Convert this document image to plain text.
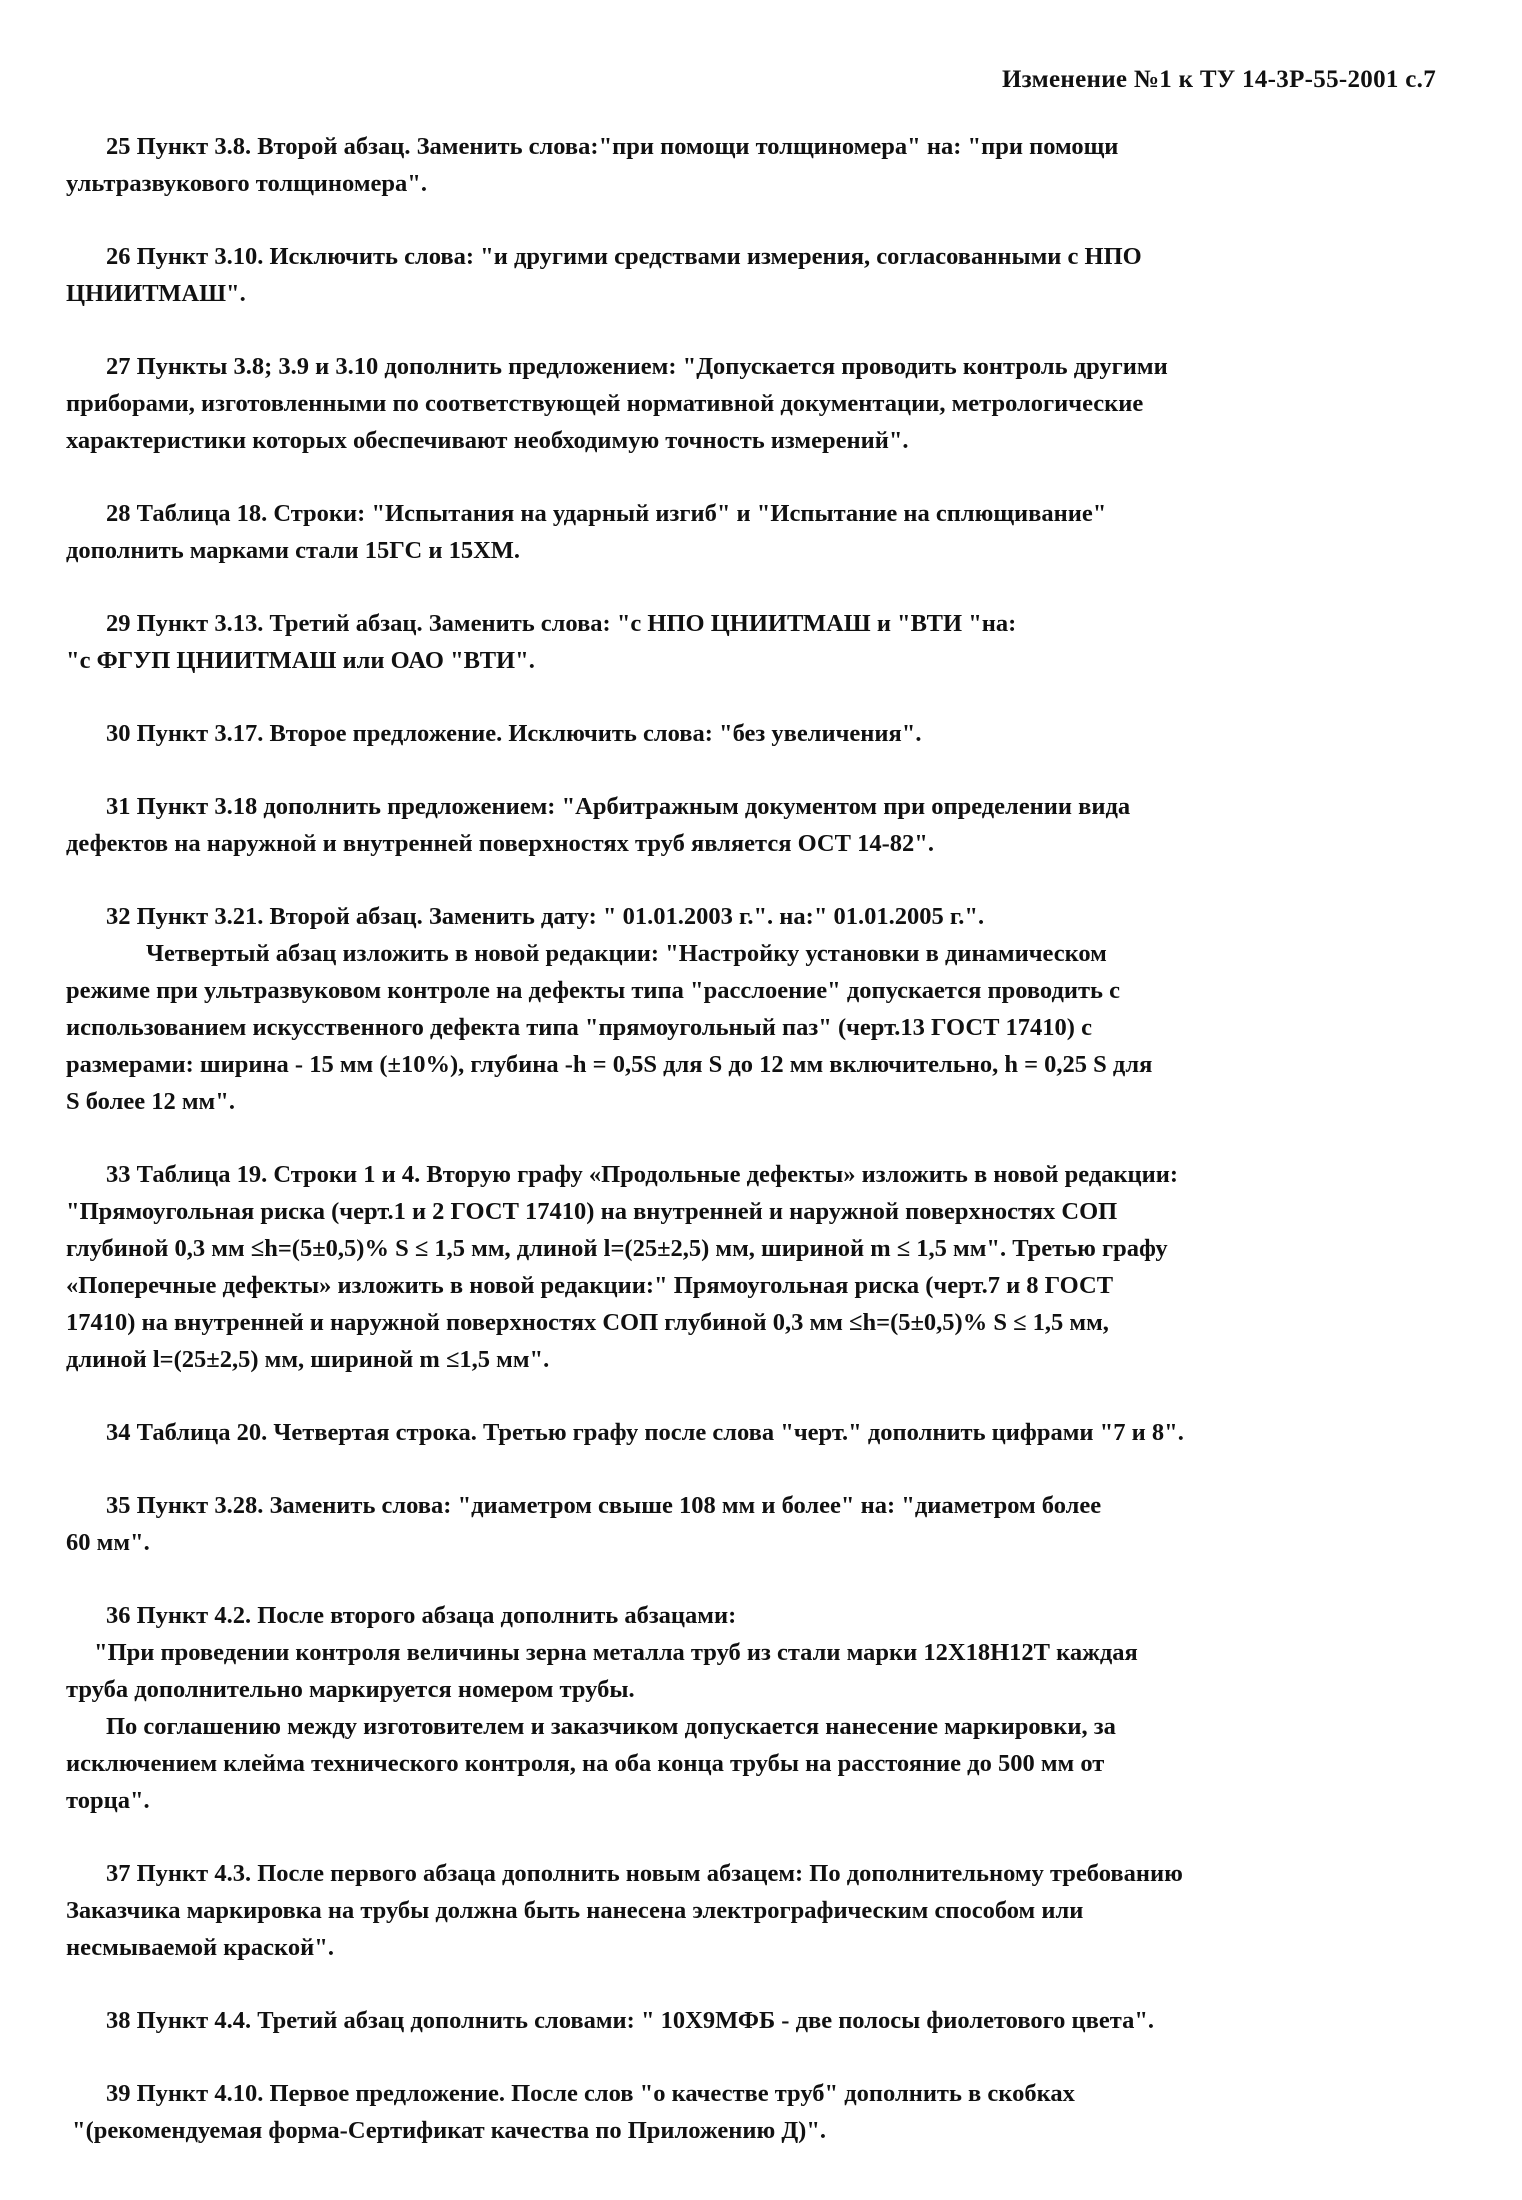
Изменение №1 к ТУ 14-3Р-55-2001 с.7
25 Пункт 3.8. Второй абзац. Заменить слова:"при помощи толщиномера" на: "при помощи
ультразвукового толщиномера".
26 Пункт 3.10. Исключить слова: "и другими средствами измерения, согласованными с НПО
ЦНИИТМАШ".
27 Пункты 3.8; 3.9 и 3.10 дополнить предложением: "Допускается проводить контроль другими
приборами, изготовленными по соответствующей нормативной документации, метрологические
характеристики которых обеспечивают необходимую точность измерений".
28 Таблица 18. Строки: "Испытания на ударный изгиб" и "Испытание на сплющивание"
дополнить марками стали 15ГС и 15ХМ.
29 Пункт 3.13. Третий абзац. Заменить слова: "с НПО ЦНИИТМАШ и "ВТИ "на:
"с ФГУП ЦНИИТМАШ или ОАО "ВТИ".
30 Пункт 3.17. Второе предложение. Исключить слова: "без увеличения".
31 Пункт 3.18 дополнить предложением: "Арбитражным документом при определении вида
дефектов на наружной и внутренней поверхностях труб является ОСТ 14-82".
32 Пункт 3.21. Второй абзац. Заменить дату: " 01.01.2003 г.". на:" 01.01.2005 г.".
Четвертый абзац изложить в новой редакции: "Настройку установки в динамическом
режиме при ультразвуковом контроле на дефекты типа "расслоение" допускается проводить с
использованием искусственного дефекта типа "прямоугольный паз" (черт.13 ГОСТ 17410) с
размерами: ширина - 15 мм (±10%), глубина -h = 0,5S для S до 12 мм включительно, h = 0,25 S для
S более 12 мм".
33 Таблица 19. Строки 1 и 4. Вторую графу «Продольные дефекты» изложить в новой редакции:
"Прямоугольная риска (черт.1 и 2 ГОСТ 17410) на внутренней и наружной поверхностях СОП
глубиной 0,3 мм ≤h=(5±0,5)% S ≤ 1,5 мм, длиной l=(25±2,5) мм, шириной m ≤ 1,5 мм". Третью графу
«Поперечные дефекты» изложить в новой редакции:" Прямоугольная риска (черт.7 и 8 ГОСТ
17410) на внутренней и наружной поверхностях СОП глубиной 0,3 мм ≤h=(5±0,5)% S ≤ 1,5 мм,
длиной l=(25±2,5) мм, шириной m ≤1,5 мм".
34 Таблица 20. Четвертая строка. Третью графу после слова "черт." дополнить цифрами "7 и 8".
35 Пункт 3.28. Заменить слова: "диаметром свыше 108 мм и более" на: "диаметром более
60 мм".
36 Пункт 4.2. После второго абзаца дополнить абзацами:
"При проведении контроля величины зерна металла труб из стали марки 12Х18Н12Т каждая
труба дополнительно маркируется номером трубы.
По соглашению между изготовителем и заказчиком допускается нанесение маркировки, за
исключением клейма технического контроля, на оба конца трубы на расстояние до 500 мм от
торца".
37 Пункт 4.3. После первого абзаца дополнить новым абзацем: По дополнительному требованию
Заказчика маркировка на трубы должна быть нанесена электрографическим способом или
несмываемой краской".
38 Пункт 4.4. Третий абзац дополнить словами: " 10Х9МФБ - две полосы фиолетового цвета".
39 Пункт 4.10. Первое предложение. После слов "о качестве труб" дополнить в скобках
"(рекомендуемая форма-Сертификат качества по Приложению Д)".
